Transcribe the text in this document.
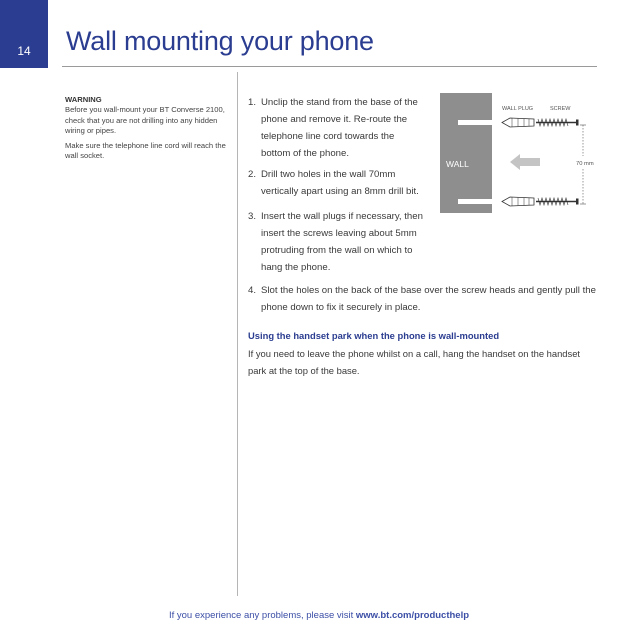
14 Wall mounting your phone
WARNING

Before you wall-mount your BT Converse 2100,
check that you are not drilling into any hidden
wiring or pipes.

Make sure the telephone line cord will reach the
wall socket.

1. Unclip the stand from the base of the
phone and remove it. Re-route the
telephone line cord towards the
bottom of the phone.
2. Drill two holes in the wall 70mm
vertically apart using an 8mm drill bit.
3. Insert the wall plugs if necessary, then
insert the screws leaving about 5mm
protruding from the wall on which to
hang the phone.
4. Slot the holes on the back of the base over the screw heads and gently pull the
phone down to fix it securely in place.
Using the handset park when the phone is wall-mounted
If you need to leave the phone whilst on a call, hang the handset on the handset
park at the top of the base.
WALL
WALL PLUG	SCREW
70 mm
If you experience any problems, please visit www.bt.com/producthelp
